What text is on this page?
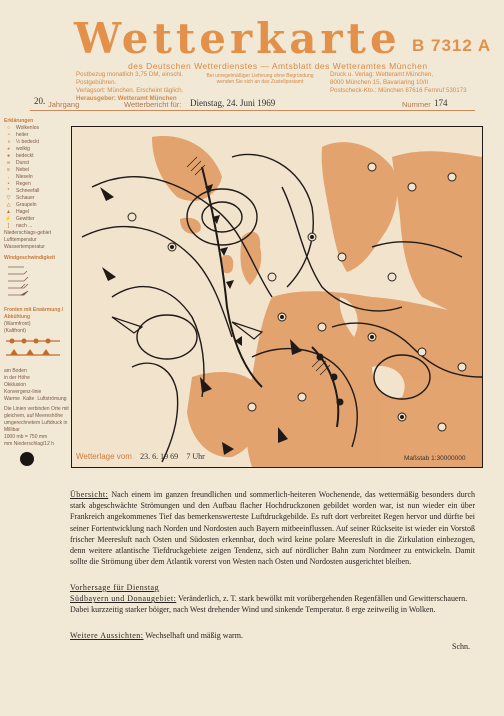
Wetterkarte B 7312 A
des Deutschen Wetterdienstes — Amtsblatt des Wetteramtes München
Postbezug monatlich 3,75 DM, einschl. Postgebühren.
Verlagsort: München. Erscheint täglich.
Herausgeber: Wetteramt München
Bei unregelmäßiger Lieferung ohne Begründung wenden Sie sich an das Zustellpostamt
Druck u. Verlag: Wetteramt München,
8000 München 15, Bavariaring 10/II
Postscheck-Kto.: München 87616 Fernruf 530173
20. Jahrgang	Wetterbericht für: Dienstag, 24. Juni 1969	Nummer 174
Erklärungen
○	Wolkenlos
◔	heiter
◑	½ bedeckt
◕	wolkig
●	bedeckt
∞	Dunst
≡	Nebel
,	Nieseln
•	Regen
*	Schneefall
▽	Schauer
△	Graupeln
▲	Hagel
⚡ Gewitter
]	nach ...
Niederschlags-gebiet
Lufttemperatur
Wassertemperatur
Windgeschwindigkeit
Fronten mit Erwärmung / Abkühlung
(Warmfront)
(Kaltfront)
am Boden
in der Höhe
Okklusion
Konvergenz-linie
Warme Kalte Luftströmung
Die Linien verbinden Orte mit gleichem, auf Meereshöhe umgerechnetem Luftdruck in Millibar
1000 mb = 750 mm
mm Niederschlag/12 h
Wetterlage vom 23. 6. 19 69 7 Uhr	Maßstab 1:30000000

Übersicht: Nach einem im ganzen freundlichen und sommerlich-heiteren Wochenende, das wettermäßig besonders durch stark abgeschwächte Strömungen und den Aufbau flacher Hochdruckzonen gebildet worden war, ist nun wieder ein über Frankreich angekommenes Tief das bemerkenswerteste Luftdruckgebilde. Es ruft dort verbreitet Regen hervor und dürfte bei seiner Fortentwicklung nach Norden und Nordosten auch Bayern mitbeeinflussen. Auf seiner Rückseite ist wieder ein Vorstoß frischer Meeresluft nach Osten und Südosten erkennbar, doch wird keine polare Meeresluft in die Zirkulation einbezogen, denn weitere atlantische Tiefdruckgebiete zeigen Tendenz, sich auf nördlicher Bahn zum Nordmeer zu entwickeln. Damit sollte die Strömung über dem Atlantik vorerst von Westen nach Osten und Nordosten ausgerichtet bleiben.

Vorhersage für Dienstag
Südbayern und Donaugebiet: Veränderlich, z. T. stark bewölkt mit vorübergehenden Regenfällen und Gewitterschauern. Dabei kurzzeitig starker böiger, nach West drehender Wind und sinkende Temperatur. 8 erge zeitweilig in Wolken.
Weitere Aussichten: Wechselhaft und mäßig warm.
Schn.
